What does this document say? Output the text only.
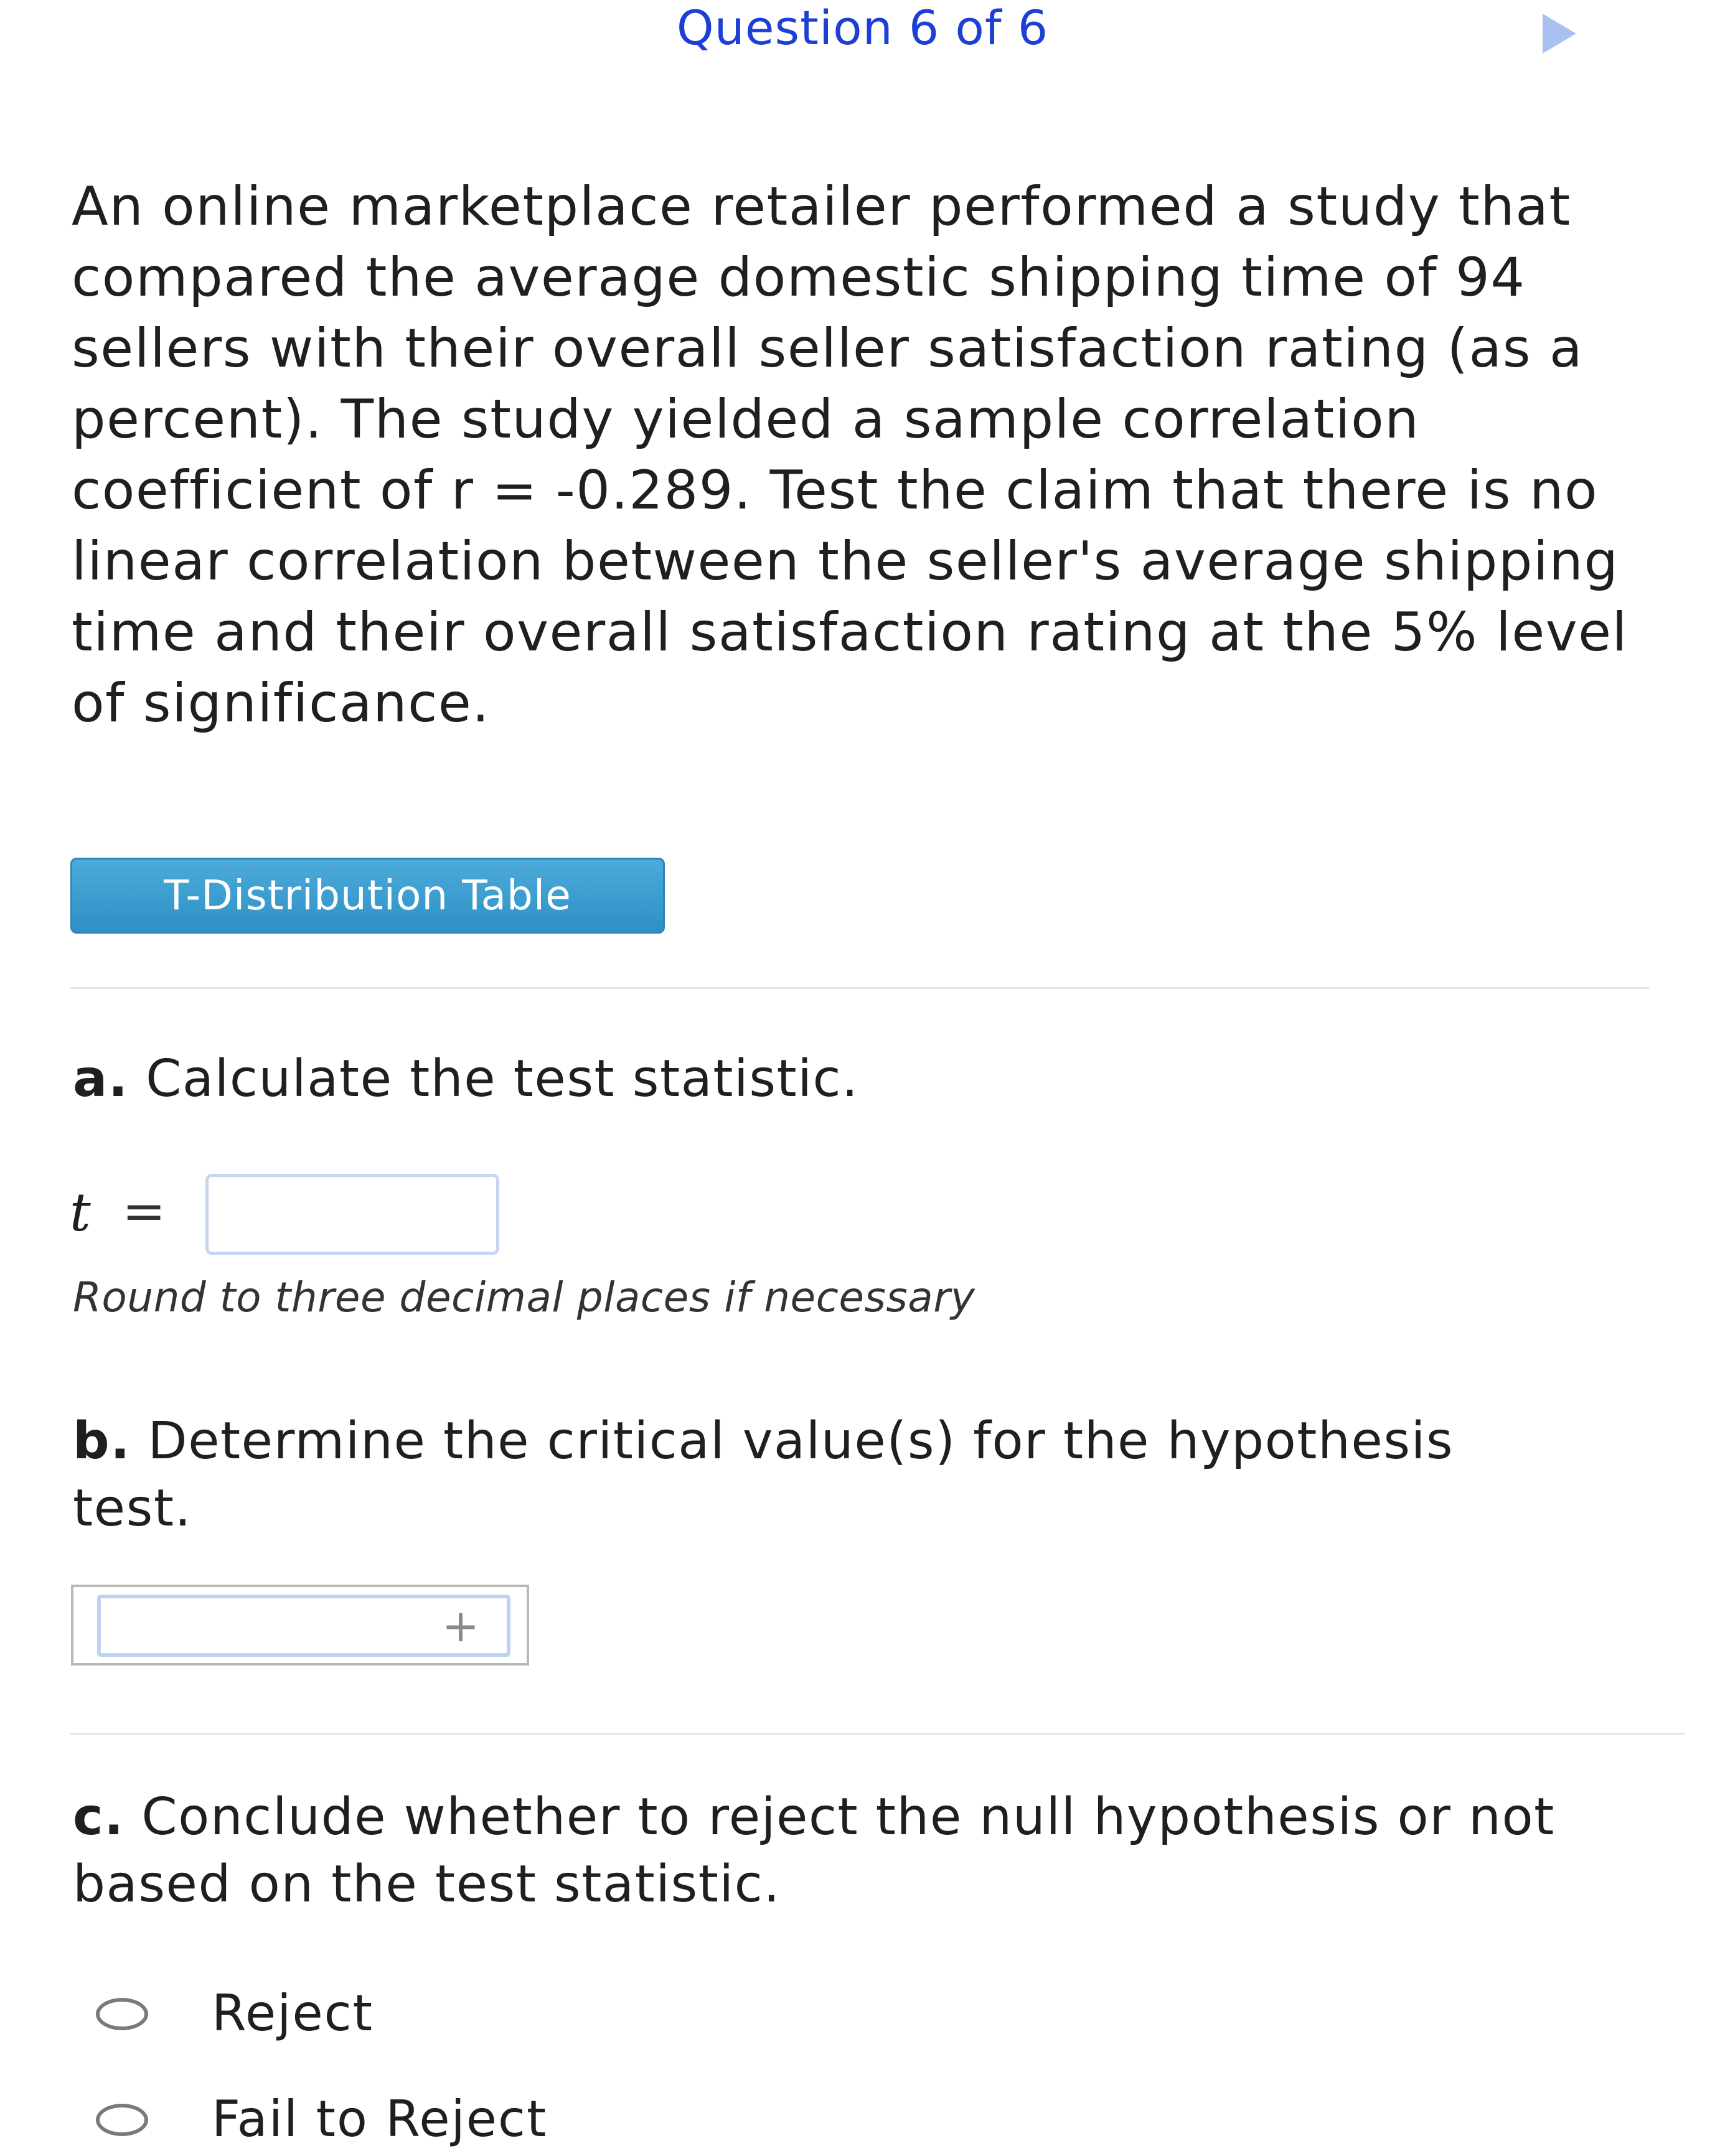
Question 6 of 6

An online marketplace retailer performed a study that compared the average domestic shipping time of 94 sellers with their overall seller satisfaction rating (as a percent). The study yielded a sample correlation coefficient of r = -0.289. Test the claim that there is no linear correlation between the seller's average shipping time and their overall satisfaction rating at the 5% level of significance.

T-Distribution Table

a. Calculate the test statistic.

t =
Round to three decimal places if necessary

b. Determine the critical value(s) for the hypothesis test.

+

c. Conclude whether to reject the null hypothesis or not based on the test statistic.

Reject
Fail to Reject
